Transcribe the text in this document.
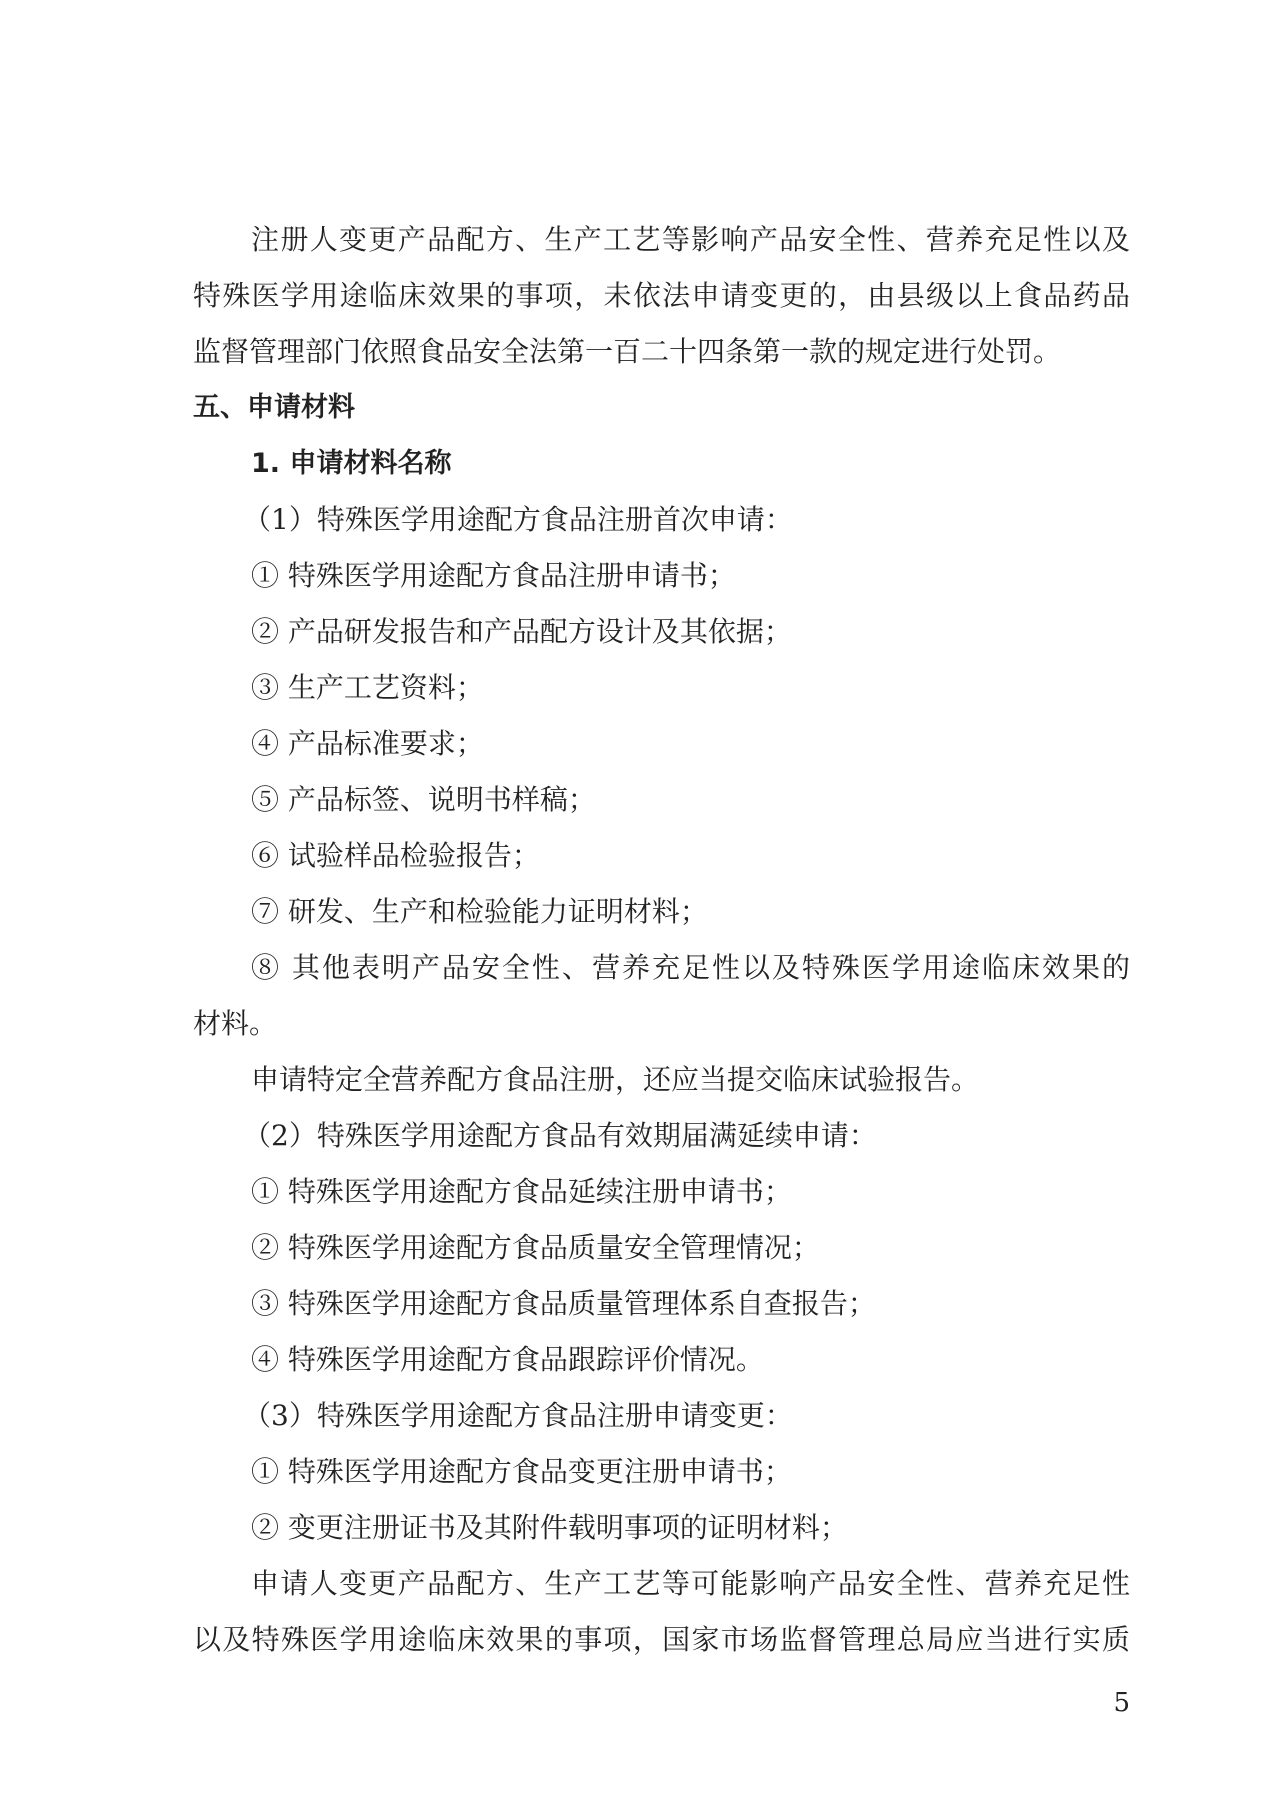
注册人变更产品配方、生产工艺等影响产品安全性、营养充足性以及
特殊医学用途临床效果的事项，未依法申请变更的，由县级以上食品药品
监督管理部门依照食品安全法第一百二十四条第一款的规定进行处罚。
五、申请材料
1. 申请材料名称
（1）特殊医学用途配方食品注册首次申请：
① 特殊医学用途配方食品注册申请书；
② 产品研发报告和产品配方设计及其依据；
③ 生产工艺资料；
④ 产品标准要求；
⑤ 产品标签、说明书样稿；
⑥ 试验样品检验报告；
⑦ 研发、生产和检验能力证明材料；
⑧ 其他表明产品安全性、营养充足性以及特殊医学用途临床效果的
材料。
申请特定全营养配方食品注册，还应当提交临床试验报告。
（2）特殊医学用途配方食品有效期届满延续申请：
① 特殊医学用途配方食品延续注册申请书；
② 特殊医学用途配方食品质量安全管理情况；
③ 特殊医学用途配方食品质量管理体系自查报告；
④ 特殊医学用途配方食品跟踪评价情况。
（3）特殊医学用途配方食品注册申请变更：
① 特殊医学用途配方食品变更注册申请书；
② 变更注册证书及其附件载明事项的证明材料；
申请人变更产品配方、生产工艺等可能影响产品安全性、营养充足性
以及特殊医学用途临床效果的事项，国家市场监督管理总局应当进行实质
5
